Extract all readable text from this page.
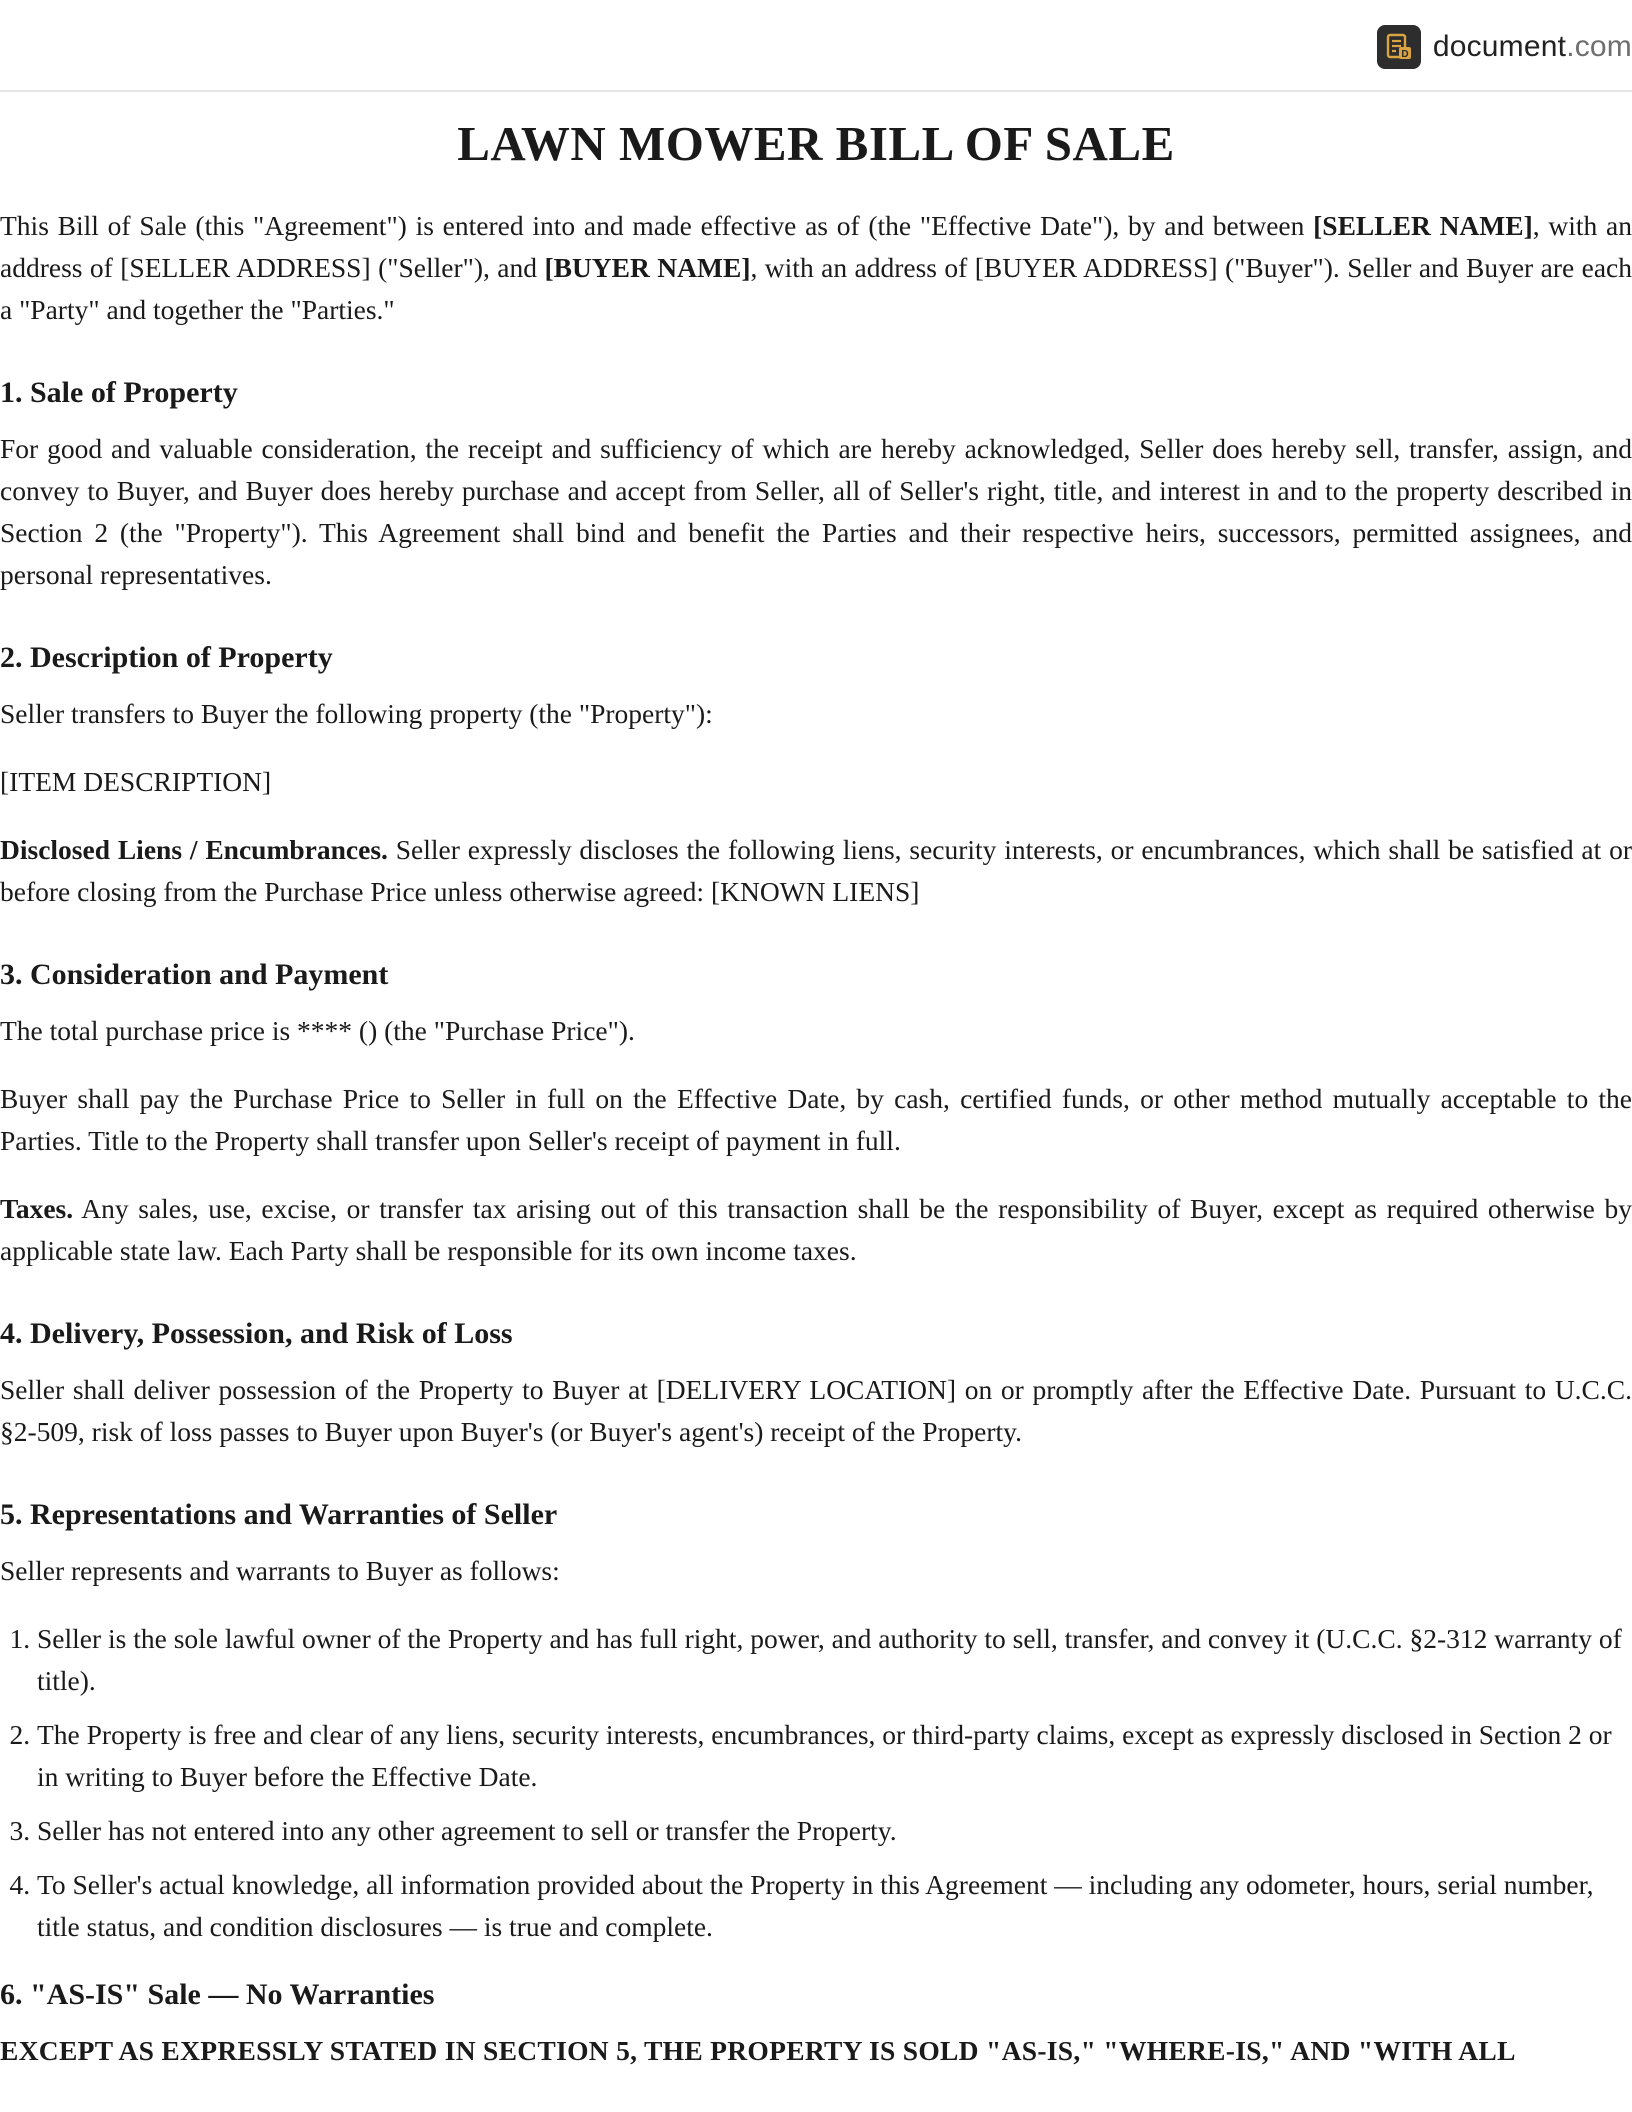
D document.com
LAWN MOWER BILL OF SALE

This Bill of Sale (this "Agreement") is entered into and made effective as of (the "Effective Date"), by and between [SELLER NAME], with an address of [SELLER ADDRESS] ("Seller"), and [BUYER NAME], with an address of [BUYER ADDRESS] ("Buyer"). Seller and Buyer are each a "Party" and together the "Parties."

1. Sale of Property

For good and valuable consideration, the receipt and sufficiency of which are hereby acknowledged, Seller does hereby sell, transfer, assign, and convey to Buyer, and Buyer does hereby purchase and accept from Seller, all of Seller's right, title, and interest in and to the property described in Section 2 (the "Property"). This Agreement shall bind and benefit the Parties and their respective heirs, successors, permitted assignees, and personal representatives.

2. Description of Property

Seller transfers to Buyer the following property (the "Property"):

[ITEM DESCRIPTION]

Disclosed Liens / Encumbrances. Seller expressly discloses the following liens, security interests, or encumbrances, which shall be satisfied at or before closing from the Purchase Price unless otherwise agreed: [KNOWN LIENS]

3. Consideration and Payment

The total purchase price is **** () (the "Purchase Price").

Buyer shall pay the Purchase Price to Seller in full on the Effective Date, by cash, certified funds, or other method mutually acceptable to the Parties. Title to the Property shall transfer upon Seller's receipt of payment in full.

Taxes. Any sales, use, excise, or transfer tax arising out of this transaction shall be the responsibility of Buyer, except as required otherwise by applicable state law. Each Party shall be responsible for its own income taxes.

4. Delivery, Possession, and Risk of Loss

Seller shall deliver possession of the Property to Buyer at [DELIVERY LOCATION] on or promptly after the Effective Date. Pursuant to U.C.C. §2-509, risk of loss passes to Buyer upon Buyer's (or Buyer's agent's) receipt of the Property.

5. Representations and Warranties of Seller

Seller represents and warrants to Buyer as follows:

1. Seller is the sole lawful owner of the Property and has full right, power, and authority to sell, transfer, and convey it (U.C.C. §2-312 warranty of title).
2. The Property is free and clear of any liens, security interests, encumbrances, or third-party claims, except as expressly disclosed in Section 2 or in writing to Buyer before the Effective Date.
3. Seller has not entered into any other agreement to sell or transfer the Property.
4. To Seller's actual knowledge, all information provided about the Property in this Agreement — including any odometer, hours, serial number, title status, and condition disclosures — is true and complete.
6. "AS-IS" Sale — No Warranties

EXCEPT AS EXPRESSLY STATED IN SECTION 5, THE PROPERTY IS SOLD "AS-IS," "WHERE-IS," AND "WITH ALL
